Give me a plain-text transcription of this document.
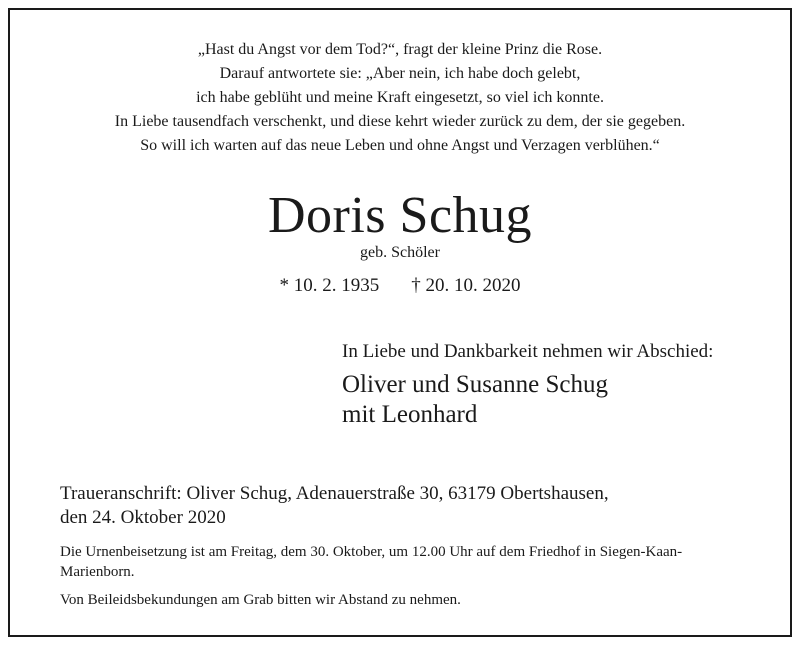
„Hast du Angst vor dem Tod?“, fragt der kleine Prinz die Rose.
Darauf antwortete sie: „Aber nein, ich habe doch gelebt,
ich habe geblüht und meine Kraft eingesetzt, so viel ich konnte.
In Liebe tausendfach verschenkt, und diese kehrt wieder zurück zu dem, der sie gegeben.
So will ich warten auf das neue Leben und ohne Angst und Verzagen verblühen.“
Doris Schug
geb. Schöler
* 10. 2. 1935 † 20. 10. 2020
In Liebe und Dankbarkeit nehmen wir Abschied:
Oliver und Susanne Schug
mit Leonhard
Traueranschrift: Oliver Schug, Adenauerstraße 30, 63179 Obertshausen,
den 24. Oktober 2020
Die Urnenbeisetzung ist am Freitag, dem 30. Oktober, um 12.00 Uhr auf dem Friedhof in Siegen-Kaan-Marienborn.
Von Beileidsbekundungen am Grab bitten wir Abstand zu nehmen.
